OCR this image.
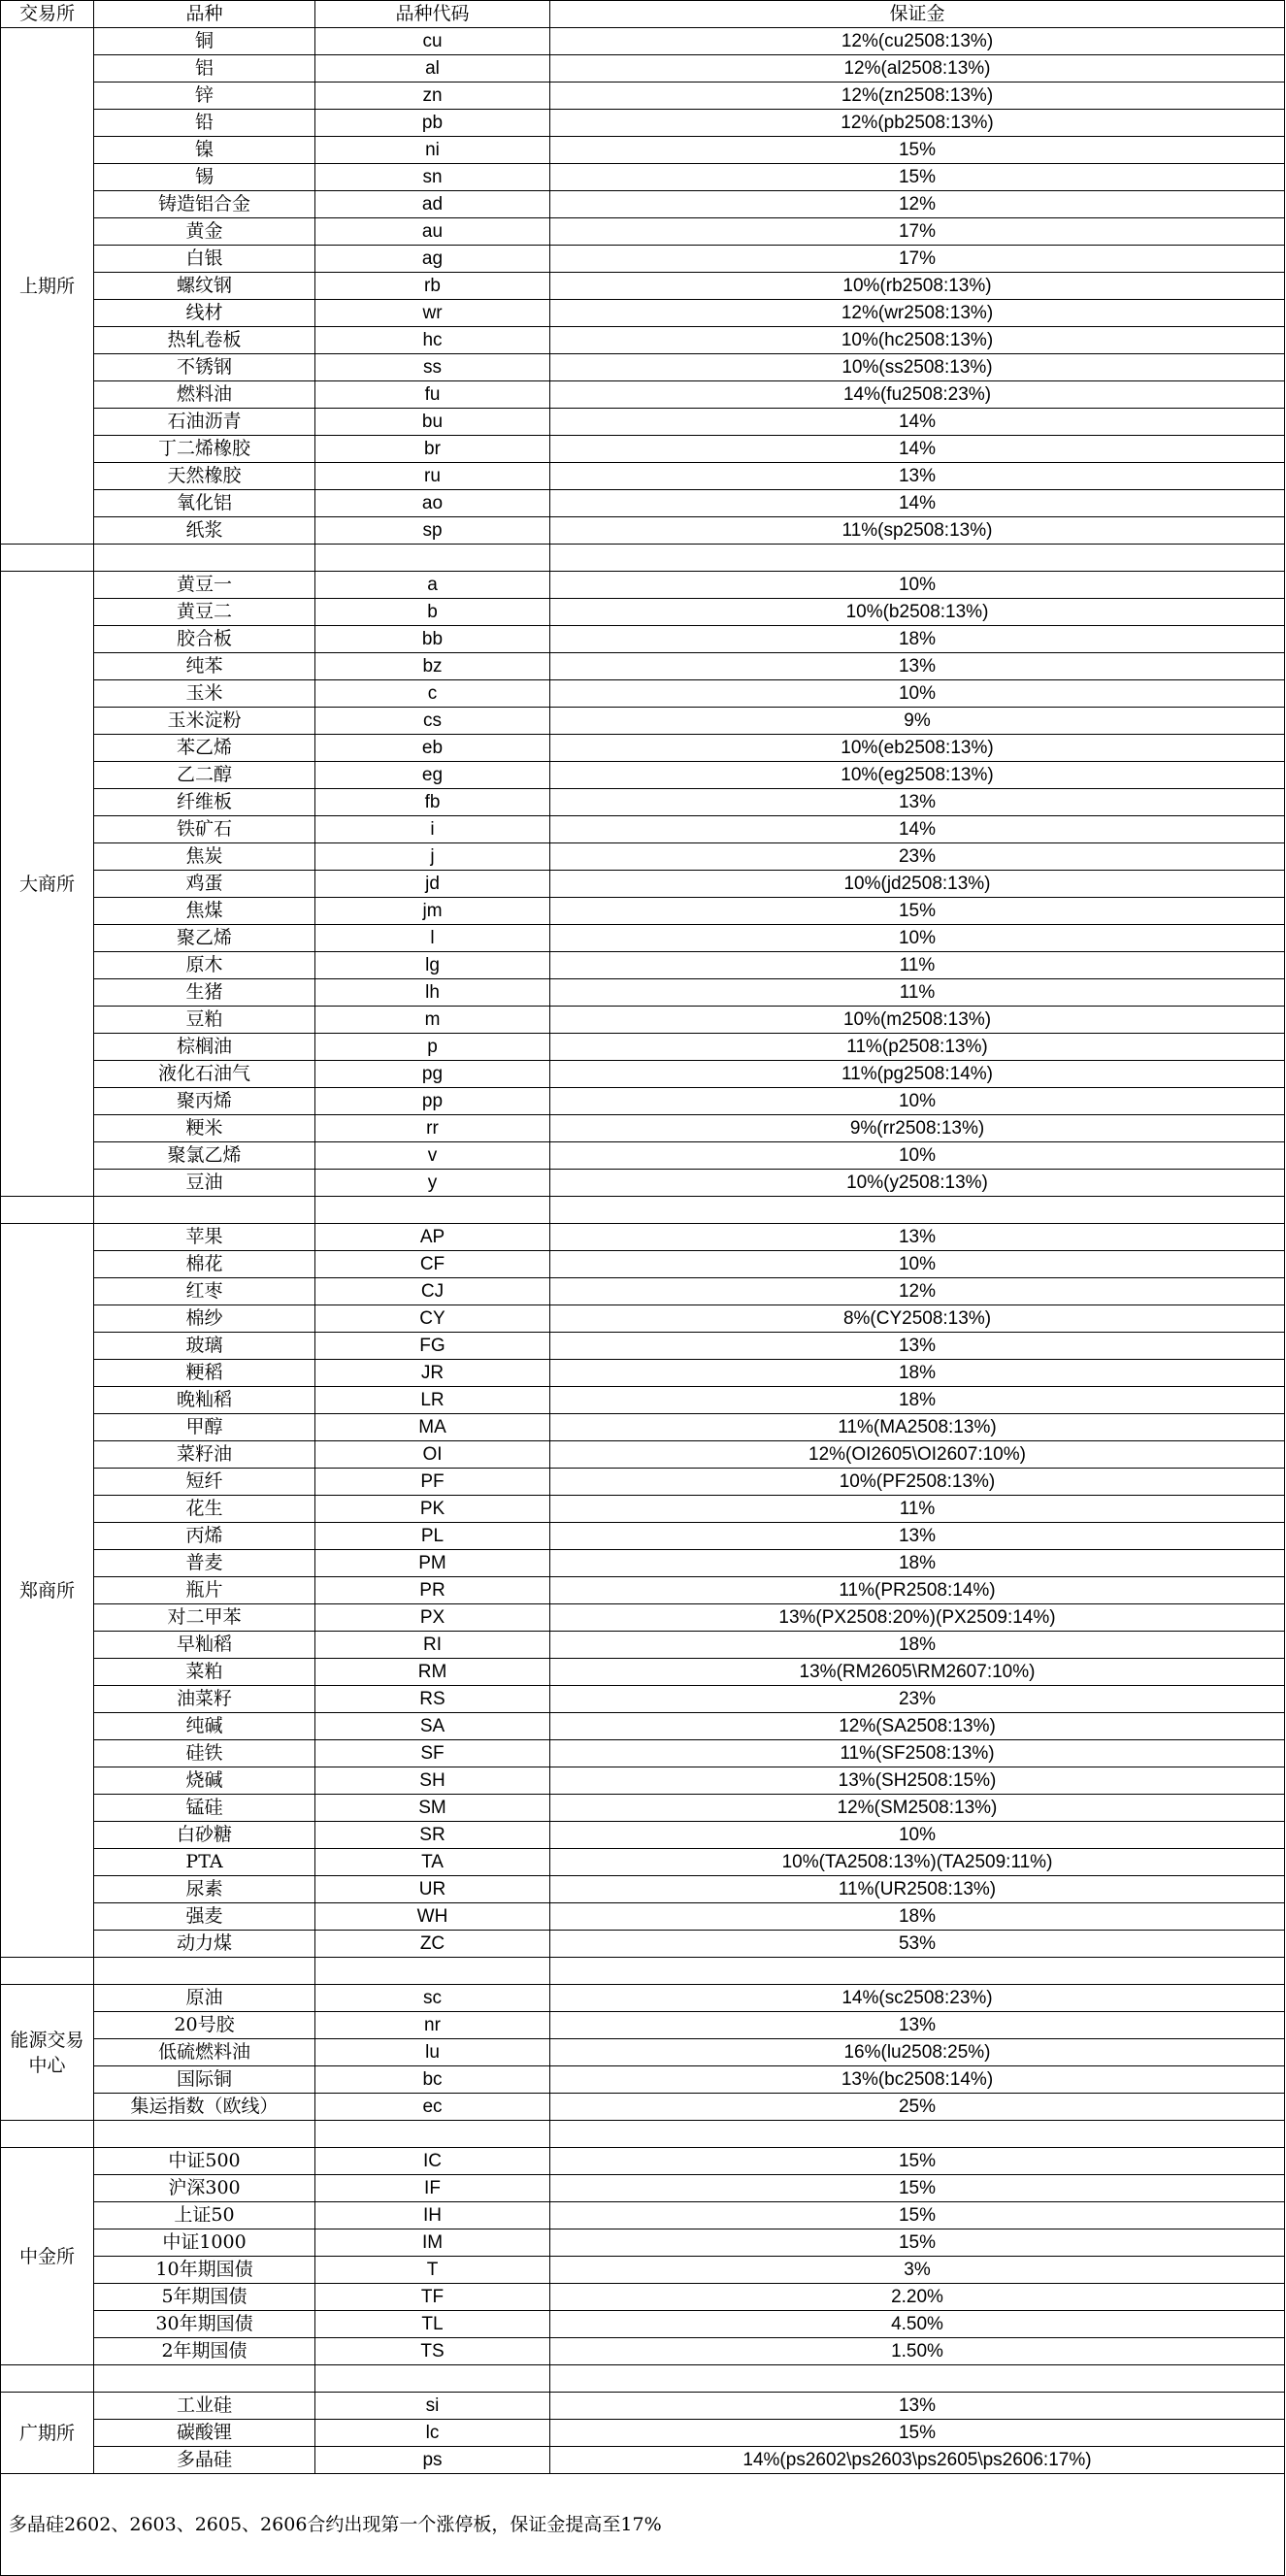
交易所	品种	品种代码	保证金
上期所	铜	cu	12%(cu2508:13%)
	铝	al	12%(al2508:13%)
	锌	zn	12%(zn2508:13%)
	铅	pb	12%(pb2508:13%)
	镍	ni	15%
	锡	sn	15%
	铸造铝合金	ad	12%
	黄金	au	17%
	白银	ag	17%
	螺纹钢	rb	10%(rb2508:13%)
	线材	wr	12%(wr2508:13%)
	热轧卷板	hc	10%(hc2508:13%)
	不锈钢	ss	10%(ss2508:13%)
	燃料油	fu	14%(fu2508:23%)
	石油沥青	bu	14%
	丁二烯橡胶	br	14%
	天然橡胶	ru	13%
	氧化铝	ao	14%
	纸浆	sp	11%(sp2508:13%)

大商所	黄豆一	a	10%
	黄豆二	b	10%(b2508:13%)
	胶合板	bb	18%
	纯苯	bz	13%
	玉米	c	10%
	玉米淀粉	cs	9%
	苯乙烯	eb	10%(eb2508:13%)
	乙二醇	eg	10%(eg2508:13%)
	纤维板	fb	13%
	铁矿石	i	14%
	焦炭	j	23%
	鸡蛋	jd	10%(jd2508:13%)
	焦煤	jm	15%
	聚乙烯	l	10%
	原木	lg	11%
	生猪	lh	11%
	豆粕	m	10%(m2508:13%)
	棕榈油	p	11%(p2508:13%)
	液化石油气	pg	11%(pg2508:14%)
	聚丙烯	pp	10%
	粳米	rr	9%(rr2508:13%)
	聚氯乙烯	v	10%
	豆油	y	10%(y2508:13%)

郑商所	苹果	AP	13%
	棉花	CF	10%
	红枣	CJ	12%
	棉纱	CY	8%(CY2508:13%)
	玻璃	FG	13%
	粳稻	JR	18%
	晚籼稻	LR	18%
	甲醇	MA	11%(MA2508:13%)
	菜籽油	OI	12%(OI2605\OI2607:10%)
	短纤	PF	10%(PF2508:13%)
	花生	PK	11%
	丙烯	PL	13%
	普麦	PM	18%
	瓶片	PR	11%(PR2508:14%)
	对二甲苯	PX	13%(PX2508:20%)(PX2509:14%)
	早籼稻	RI	18%
	菜粕	RM	13%(RM2605\RM2607:10%)
	油菜籽	RS	23%
	纯碱	SA	12%(SA2508:13%)
	硅铁	SF	11%(SF2508:13%)
	烧碱	SH	13%(SH2508:15%)
	锰硅	SM	12%(SM2508:13%)
	白砂糖	SR	10%
	PTA	TA	10%(TA2508:13%)(TA2509:11%)
	尿素	UR	11%(UR2508:13%)
	强麦	WH	18%
	动力煤	ZC	53%

能源交易中心	原油	sc	14%(sc2508:23%)
	20号胶	nr	13%
	低硫燃料油	lu	16%(lu2508:25%)
	国际铜	bc	13%(bc2508:14%)
	集运指数（欧线）	ec	25%

中金所	中证500	IC	15%
	沪深300	IF	15%
	上证50	IH	15%
	中证1000	IM	15%
	10年期国债	T	3%
	5年期国债	TF	2.20%
	30年期国债	TL	4.50%
	2年期国债	TS	1.50%

广期所	工业硅	si	13%
	碳酸锂	lc	15%
	多晶硅	ps	14%(ps2602\ps2603\ps2605\ps2606:17%)
多晶硅2602、2603、2605、2606合约出现第一个涨停板，保证金提高至17%			
